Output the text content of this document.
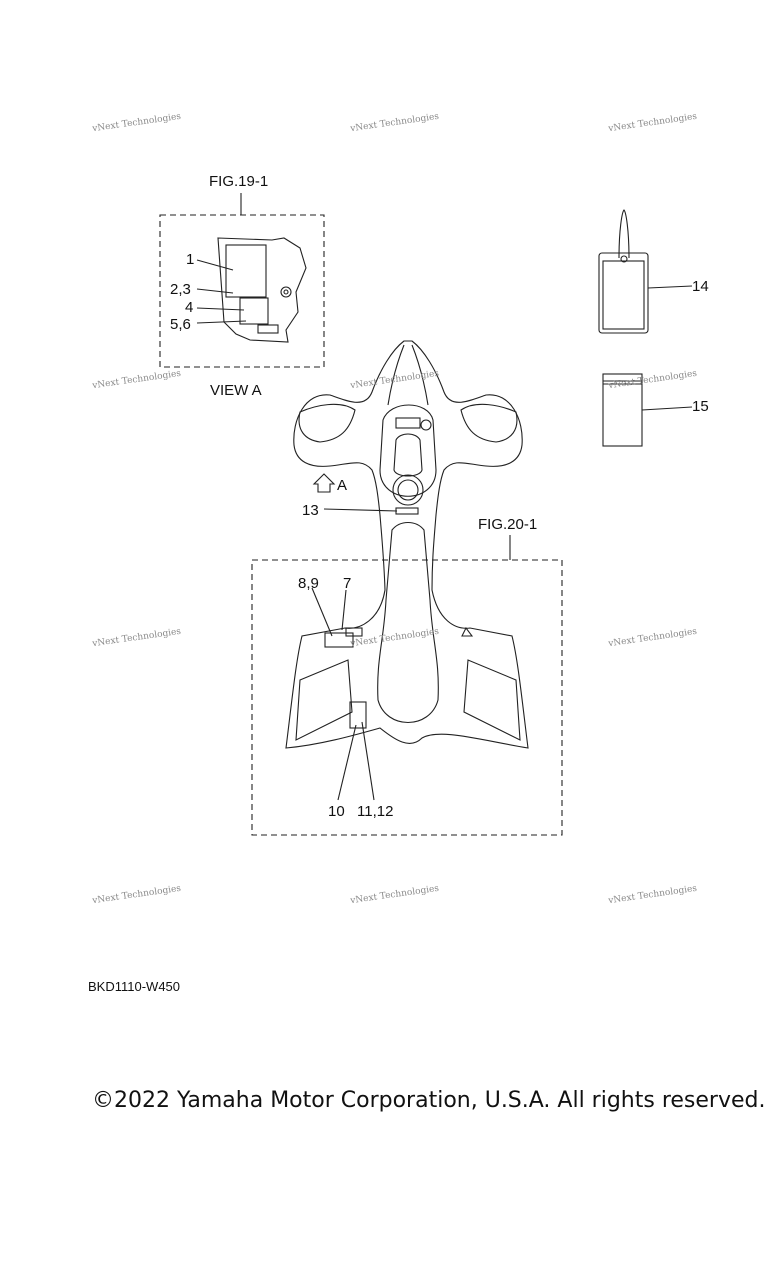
FIG.19-1
VIEW A
FIG.20-1
A
1
2,3
4
5,6
14
15
13
8,9 7
10 11,12
vNext Technologies	vNext Technologies	vNext Technologies
vNext Technologies	vNext Technologies	vNext Technologies
vNext Technologies	vNext Technologies	vNext Technologies
vNext Technologies	vNext Technologies	vNext Technologies
BKD1110-W450
©2022 Yamaha Motor Corporation, U.S.A. All rights reserved.
